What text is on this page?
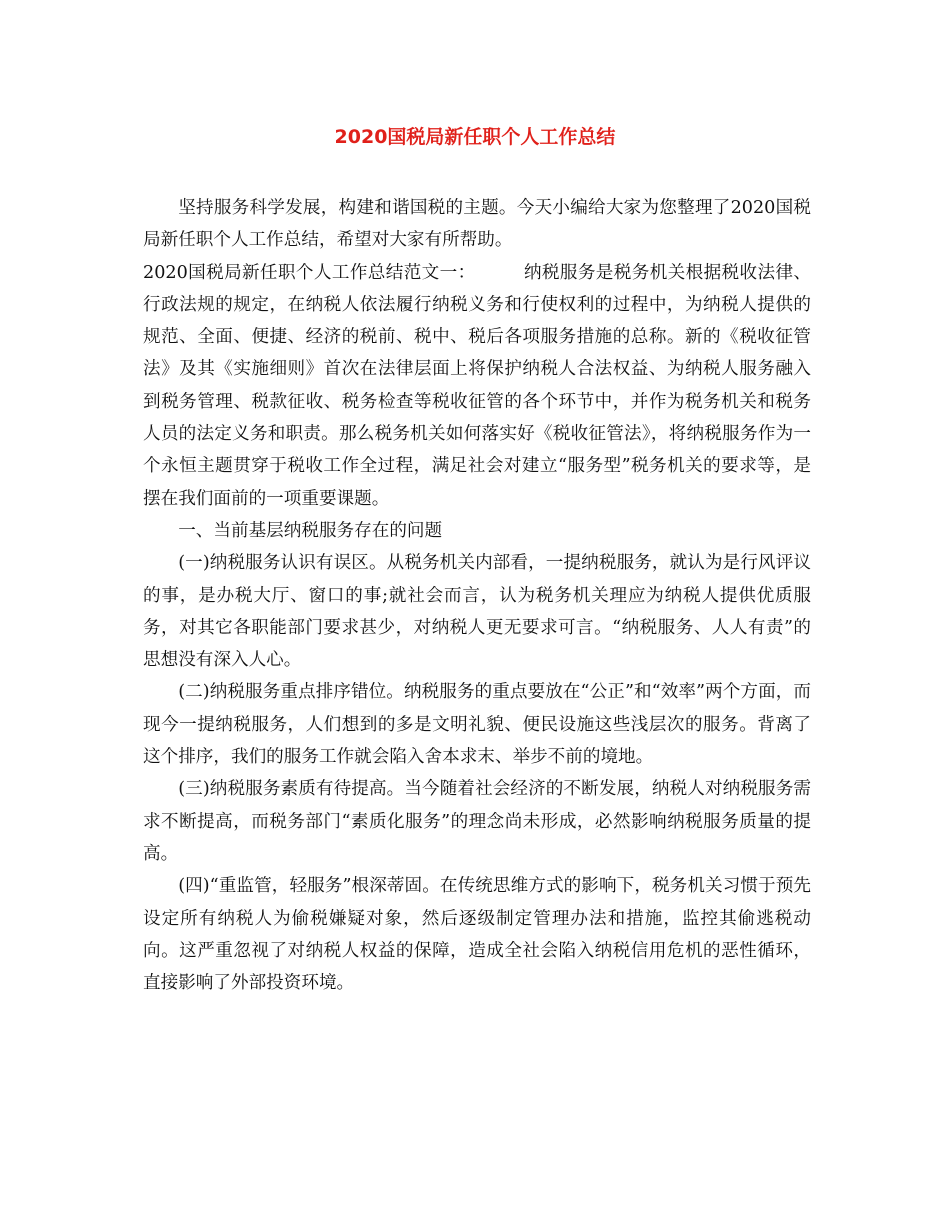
2020国税局新任职个人工作总结

坚持服务科学发展，构建和谐国税的主题。今天小编给大家为您整理了2020国税局新任职个人工作总结，希望对大家有所帮助。

2020国税局新任职个人工作总结范文一：	纳税服务是税务机关根据税收法律、行政法规的规定，在纳税人依法履行纳税义务和行使权利的过程中，为纳税人提供的规范、全面、便捷、经济的税前、税中、税后各项服务措施的总称。新的《税收征管法》及其《实施细则》首次在法律层面上将保护纳税人合法权益、为纳税人服务融入到税务管理、税款征收、税务检查等税收征管的各个环节中，并作为税务机关和税务人员的法定义务和职责。那么税务机关如何落实好《税收征管法》，将纳税服务作为一个永恒主题贯穿于税收工作全过程，满足社会对建立“服务型”税务机关的要求等，是摆在我们面前的一项重要课题。

一、当前基层纳税服务存在的问题

(一)纳税服务认识有误区。从税务机关内部看，一提纳税服务，就认为是行风评议的事，是办税大厅、窗口的事;就社会而言，认为税务机关理应为纳税人提供优质服务，对其它各职能部门要求甚少，对纳税人更无要求可言。“纳税服务、人人有责”的思想没有深入人心。

(二)纳税服务重点排序错位。纳税服务的重点要放在“公正”和“效率”两个方面，而现今一提纳税服务，人们想到的多是文明礼貌、便民设施这些浅层次的服务。背离了这个排序，我们的服务工作就会陷入舍本求末、举步不前的境地。

(三)纳税服务素质有待提高。当今随着社会经济的不断发展，纳税人对纳税服务需求不断提高，而税务部门“素质化服务”的理念尚未形成，必然影响纳税服务质量的提高。

(四)“重监管，轻服务”根深蒂固。在传统思维方式的影响下，税务机关习惯于预先设定所有纳税人为偷税嫌疑对象，然后逐级制定管理办法和措施，监控其偷逃税动向。这严重忽视了对纳税人权益的保障，造成全社会陷入纳税信用危机的恶性循环，直接影响了外部投资环境。
